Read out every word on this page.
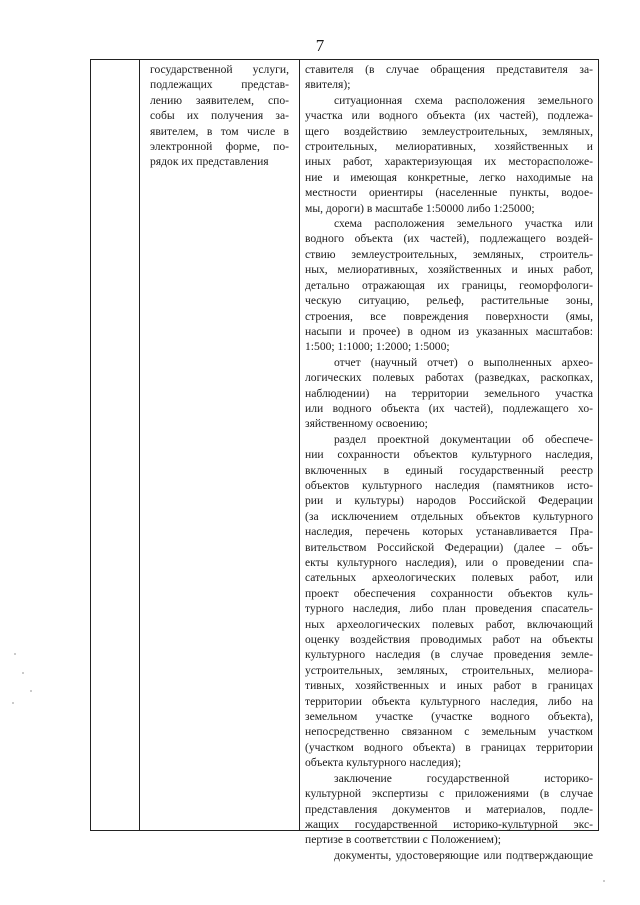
7
государственной услуги,
подлежащих представ-
лению заявителем, спо-
собы их получения за-
явителем, в том числе в
электронной форме, по-
рядок их представления
ставителя (в случае обращения представителя за-
явителя);
ситуационная схема расположения земельного
участка или водного объекта (их частей), подлежа-
щего воздействию землеустроительных, земляных,
строительных, мелиоративных, хозяйственных и
иных работ, характеризующая их месторасположе-
ние и имеющая конкретные, легко находимые на
местности ориентиры (населенные пункты, водое-
мы, дороги) в масштабе 1:50000 либо 1:25000;
схема расположения земельного участка или
водного объекта (их частей), подлежащего воздей-
ствию землеустроительных, земляных, строитель-
ных, мелиоративных, хозяйственных и иных работ,
детально отражающая их границы, геоморфологи-
ческую ситуацию, рельеф, растительные зоны,
строения, все повреждения поверхности (ямы,
насыпи и прочее) в одном из указанных масштабов:
1:500; 1:1000; 1:2000; 1:5000;
отчет (научный отчет) о выполненных архео-
логических полевых работах (разведках, раскопках,
наблюдении) на территории земельного участка
или водного объекта (их частей), подлежащего хо-
зяйственному освоению;
раздел проектной документации об обеспече-
нии сохранности объектов культурного наследия,
включенных в единый государственный реестр
объектов культурного наследия (памятников исто-
рии и культуры) народов Российской Федерации
(за исключением отдельных объектов культурного
наследия, перечень которых устанавливается Пра-
вительством Российской Федерации) (далее – объ-
екты культурного наследия), или о проведении спа-
сательных археологических полевых работ, или
проект обеспечения сохранности объектов куль-
турного наследия, либо план проведения спасатель-
ных археологических полевых работ, включающий
оценку воздействия проводимых работ на объекты
культурного наследия (в случае проведения земле-
устроительных, земляных, строительных, мелиора-
тивных, хозяйственных и иных работ в границах
территории объекта культурного наследия, либо на
земельном участке (участке водного объекта),
непосредственно связанном с земельным участком
(участком водного объекта) в границах территории
объекта культурного наследия);
заключение государственной историко-
культурной экспертизы с приложениями (в случае
представления документов и материалов, подле-
жащих государственной историко-культурной экс-
пертизе в соответствии с Положением);
документы, удостоверяющие или подтверждающие
